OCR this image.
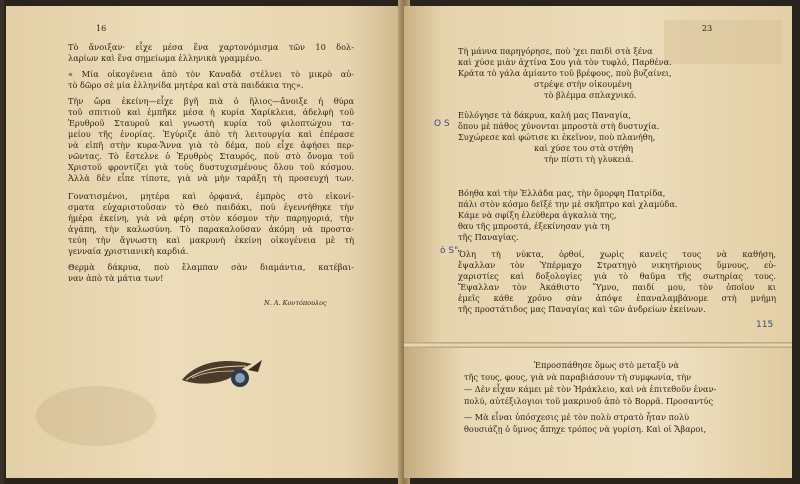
16
Τὸ ἄνοιξαν· εἶχε μέσα ἕνα χαρτονόμισμα τῶν 10 δολ-
λαρίων καὶ ἕνα σημείωμα ἑλληνικὰ γραμμένο.
« Μία οἰκογένεια ἀπὸ τὸν Καναδὰ στέλνει τὸ μικρὸ αὐ-
τὸ δῶρο σὲ μία ἑλληνίδα μητέρα καὶ στὰ παιδάκια της».
Τὴν ὥρα ἐκείνη—εἶχε βγῆ πιὰ ὁ ἥλιος—ἄνοιξε ἡ θύρα
τοῦ σπιτιοῦ καὶ ἐμπῆκε μέσα ἡ κυρία Χαρίκλεια, ἀδελφὴ τοῦ
Ἐρυθροῦ Σταυροῦ καὶ γνωστὴ κυρία τοῦ φιλοπτώχου τα-
μείου τῆς ἐνορίας. Ἐγύριζε ἀπὸ τὴ λειτουργία καὶ ἐπέρασε
νὰ εἰπῆ στὴν κυρα-Ἄννα γιὰ τὸ δέμα, ποὺ εἶχε ἀφήσει περ-
νῶντας. Τὸ ἔστελνε ὁ Ἐρυθρὸς Σταυρός, ποὺ στὸ ὄνομα τοῦ
Χριστοῦ φροντίζει γιὰ τοὺς δυστυχισμένους ὅλου τοῦ κόσμου.
Ἀλλὰ δὲν εἶπε τίποτε, γιὰ νὰ μὴν ταράξη τὴ προσευχή των.
Γονατισμένοι, μητέρα καὶ ὀρφανά, ἐμπρὸς στὸ εἰκονί-
σματα εὐχαριστοῦσαν τὸ Θεὸ παιδάκι, ποὺ ἐγεννήθηκε τὴν
ἡμέρα ἐκείνη, γιὰ νὰ φέρη στὸν κόσμον τὴν παρηγοριά, τὴν
ἀγάπη, τὴν καλωσύνη. Τὸ παρακαλοῦσαν ἀκόμη νὰ προστα-
τεύη τὴν ἄγνωστη καὶ μακρυνὴ ἐκείνη οἰκογένεια μὲ τὴ
γενναία χριστιανικὴ καρδιά.
Θερμὰ δάκρυα, ποὺ ἔλαμπαν σὰν διαμάντια, κατέβαι-
ναν ἀπὸ τὰ μάτια των!
Ν. Α. Κοντόπουλος
23
Τὴ μάννα παρηγόρησε, ποὺ 'χει παιδὶ στὰ ξένα
καὶ χύσε μιὰν ἀχτίνα Σου γιὰ τὸν τυφλό, Παρθένα.
Κράτα τὸ γάλα ἀμίαντο τοῦ βρέφους, ποὺ βυζαίνει,
στρέψε στὴν οἰκουμένη
τὸ βλέμμα σπλαχνικό.
Εὐλόγησε τὰ δάκρυα, καλή μας Παναγία,
ὅπου μὲ πάθος χύνονται μπροστὰ στὴ δυστυχία.
Συχώρεσε καὶ φώτισε κι ἐκεῖνον, ποὺ πλανήθη,
καὶ χύσε του στὰ στήθη
τὴν πίστι τὴ γλυκειά.
Βόηθα καὶ τὴν Ἑλλάδα μας, τὴν ὄμορφη Πατρίδα,
πάλι στὸν κόσμο δεῖξέ την μὲ σκῆπτρο καὶ χλαμύδα.
Κάμε νὰ σφίξη ἐλεύθερα ἀγκαλιὰ της,
θαυ τῆς μπροστά, ἐξεκίνησαν γιὰ τη
τῆς Παναγίας.
Ὅλη τὴ νύκτα, ὀρθοί, χωρὶς κανεὶς τους νὰ καθήση,
ἔψαλλαν τὸν Ὑπέρμαχο Στρατηγὸ νικητήριους ὕμνους, εὐ-
χαριστίες καὶ δοξολογίες γιὰ τὸ θαῦμα τῆς σωτηρίας τους.
Ἔψαλλαν τὸν Ἀκάθιστο Ὕμνο, παιδί μου, τὸν ὁποῖον κι
ἐμεῖς κάθε χρόνο σὰν ἀπόψε ἐπαναλαμβάνομε στὴ μνήμη
τῆς προστάτιδος μας Παναγίας καὶ τῶν ἀνδρείων ἐκείνων.
Ο S
ὁ S"
115
Ἐπροσπάθησε ὅμως στὸ μεταξὺ νὰ
τῆς τους, φους, γιὰ νὰ παραβιάσουν τὴ συμφωνία, τὴν
— Δὲν εἶχαν κάμει μὲ τὸν Ἡράκλειο, καὶ νὰ ἐπιτεθοῦν ἐναν-
πολύ, αὐτέξιλογιοι τοῦ μακρινοῦ ἀπὸ τὸ Βορρᾶ. Προσαντύς
— Μὰ εἶναι ὑπόσχεσις μὲ τὸν πολὺ στρατὸ ἦταν πολὺ
θουσιάζῃ ὁ ὕμνος ἄπηχε τρόπος νὰ γυρίση. Καὶ οἱ Ἄβαροι,
